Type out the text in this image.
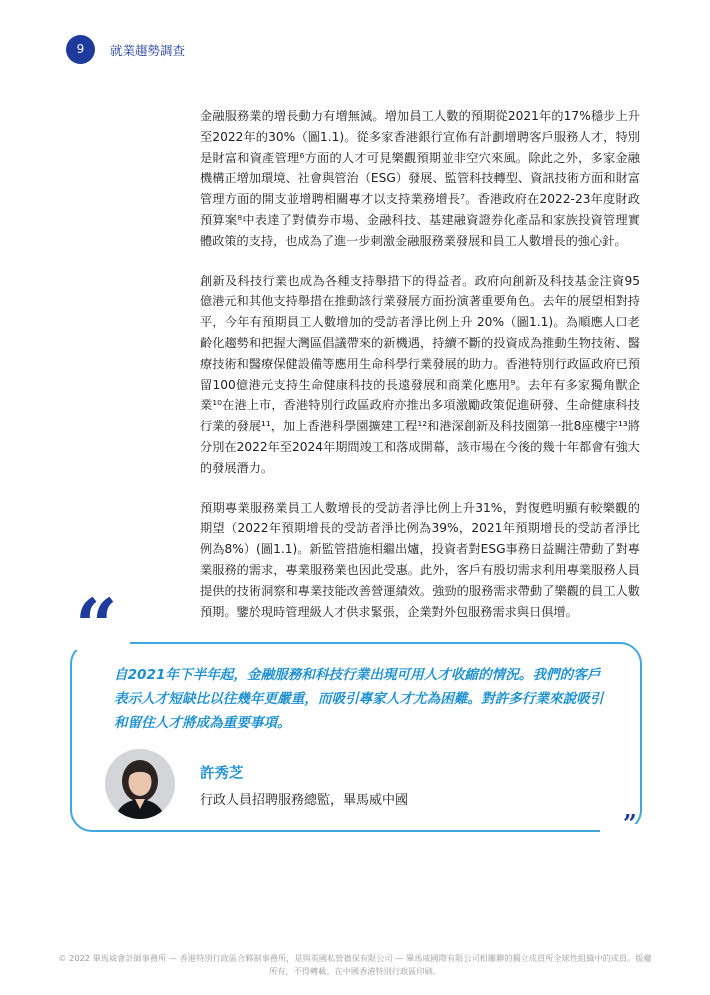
9	就業趨勢調查

金融服務業的增長動力有增無減。增加員工人數的預期從2021年的17%穩步上升至2022年的30%（圖1.1)。從多家香港銀行宣佈有計劃增聘客戶服務人才，特別是財富和資產管理⁶方面的人才可見樂觀預期並非空穴來風。除此之外，多家金融機構正增加環境、社會與管治（ESG）發展、監管科技轉型、資訊技術方面和財富管理方面的開支並增聘相關專才以支持業務增長⁷。香港政府在2022-23年度財政預算案⁸中表達了對債券市場、金融科技、基建融資證券化產品和家族投資管理實體政策的支持，也成為了進一步刺激金融服務業發展和員工人數增長的強心針。

創新及科技行業也成為各種支持舉措下的得益者。政府向創新及科技基金注資95億港元和其他支持舉措在推動該行業發展方面扮演著重要角色。去年的展望相對持平，今年有預期員工人數增加的受訪者淨比例上升 20%（圖1.1)。為順應人口老齡化趨勢和把握大灣區倡議帶來的新機遇，持續不斷的投資成為推動生物技術、醫療技術和醫療保健設備等應用生命科學行業發展的助力。香港特別行政區政府已預留100億港元支持生命健康科技的長遠發展和商業化應用⁹。去年有多家獨角獸企業¹⁰在港上市，香港特別行政區政府亦推出多項激勵政策促進研發、生命健康科技行業的發展¹¹，加上香港科學園擴建工程¹²和港深創新及科技園第一批8座樓宇¹³將分別在2022年至2024年期間竣工和落成開幕，該市場在今後的幾十年都會有強大的發展潛力。

預期專業服務業員工人數增長的受訪者淨比例上升31%，對復甦明顯有較樂觀的期望（2022年預期增長的受訪者淨比例為39%，2021年預期增長的受訪者淨比例為8%）(圖1.1)。新監管措施相繼出爐，投資者對ESG事務日益關注帶動了對專業服務的需求，專業服務業也因此受惠。此外，客戶有殷切需求利用專業服務人員提供的技術洞察和專業技能改善營運績效。強勁的服務需求帶動了樂觀的員工人數預期。鑒於現時管理級人才供求緊張，企業對外包服務需求與日俱增。

“
自2021年下半年起，金融服務和科技行業出現可用人才收縮的情況。我們的客戶表示人才短缺比以往幾年更嚴重，而吸引專家人才尤為困難。對許多行業來說吸引和留住人才將成為重要事項。
許秀芝
行政人員招聘服務總監，畢馬威中國
”
© 2022 畢馬威會計師事務所 — 香港特別行政區合夥制事務所，是與英國私營擔保有限公司 — 畢馬威國際有限公司相關聯的獨立成員所全球性組織中的成員。版權所有，不得轉載。在中國香港特別行政區印刷。
